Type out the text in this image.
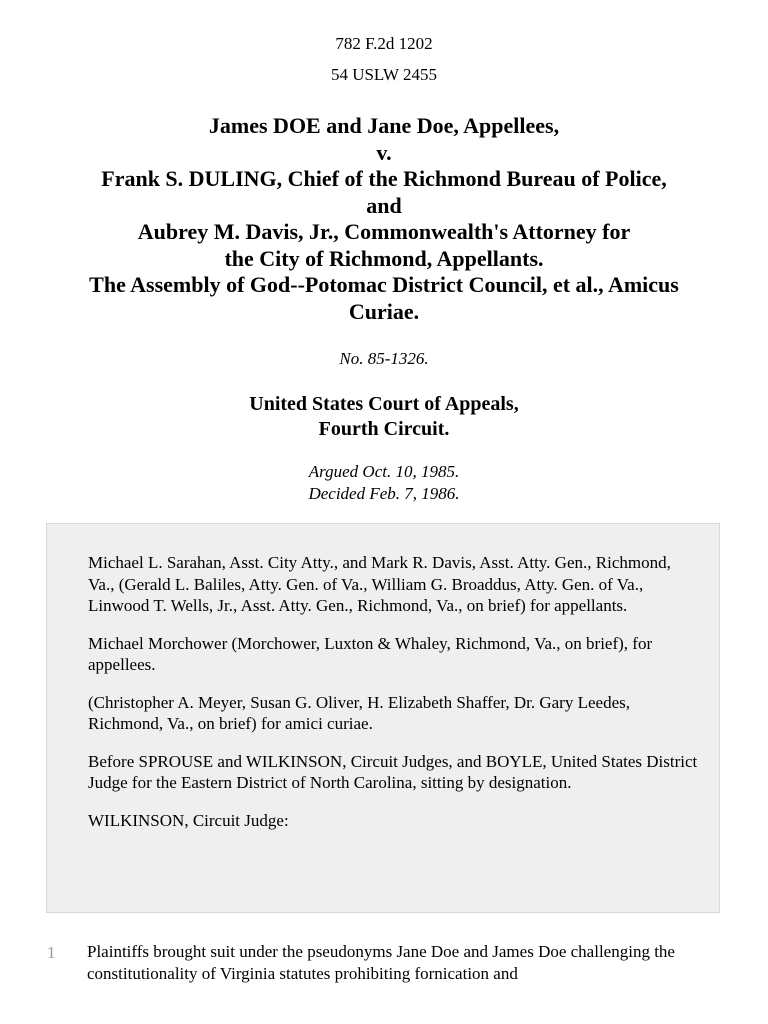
782 F.2d 1202
54 USLW 2455
James DOE and Jane Doe, Appellees,
v.
Frank S. DULING, Chief of the Richmond Bureau of Police,
and
Aubrey M. Davis, Jr., Commonwealth's Attorney for
the City of Richmond, Appellants.
The Assembly of God--Potomac District Council, et al., Amicus
Curiae.
No. 85-1326.
United States Court of Appeals,
Fourth Circuit.
Argued Oct. 10, 1985.
Decided Feb. 7, 1986.

Michael L. Sarahan, Asst. City Atty., and Mark R. Davis, Asst. Atty. Gen., Richmond, Va., (Gerald L. Baliles, Atty. Gen. of Va., William G. Broaddus, Atty. Gen. of Va., Linwood T. Wells, Jr., Asst. Atty. Gen., Richmond, Va., on brief) for appellants.

Michael Morchower (Morchower, Luxton & Whaley, Richmond, Va., on brief), for appellees.

(Christopher A. Meyer, Susan G. Oliver, H. Elizabeth Shaffer, Dr. Gary Leedes, Richmond, Va., on brief) for amici curiae.

Before SPROUSE and WILKINSON, Circuit Judges, and BOYLE, United States District Judge for the Eastern District of North Carolina, sitting by designation.

WILKINSON, Circuit Judge:

1 Plaintiffs brought suit under the pseudonyms Jane Doe and James Doe challenging the constitutionality of Virginia statutes prohibiting fornication and
